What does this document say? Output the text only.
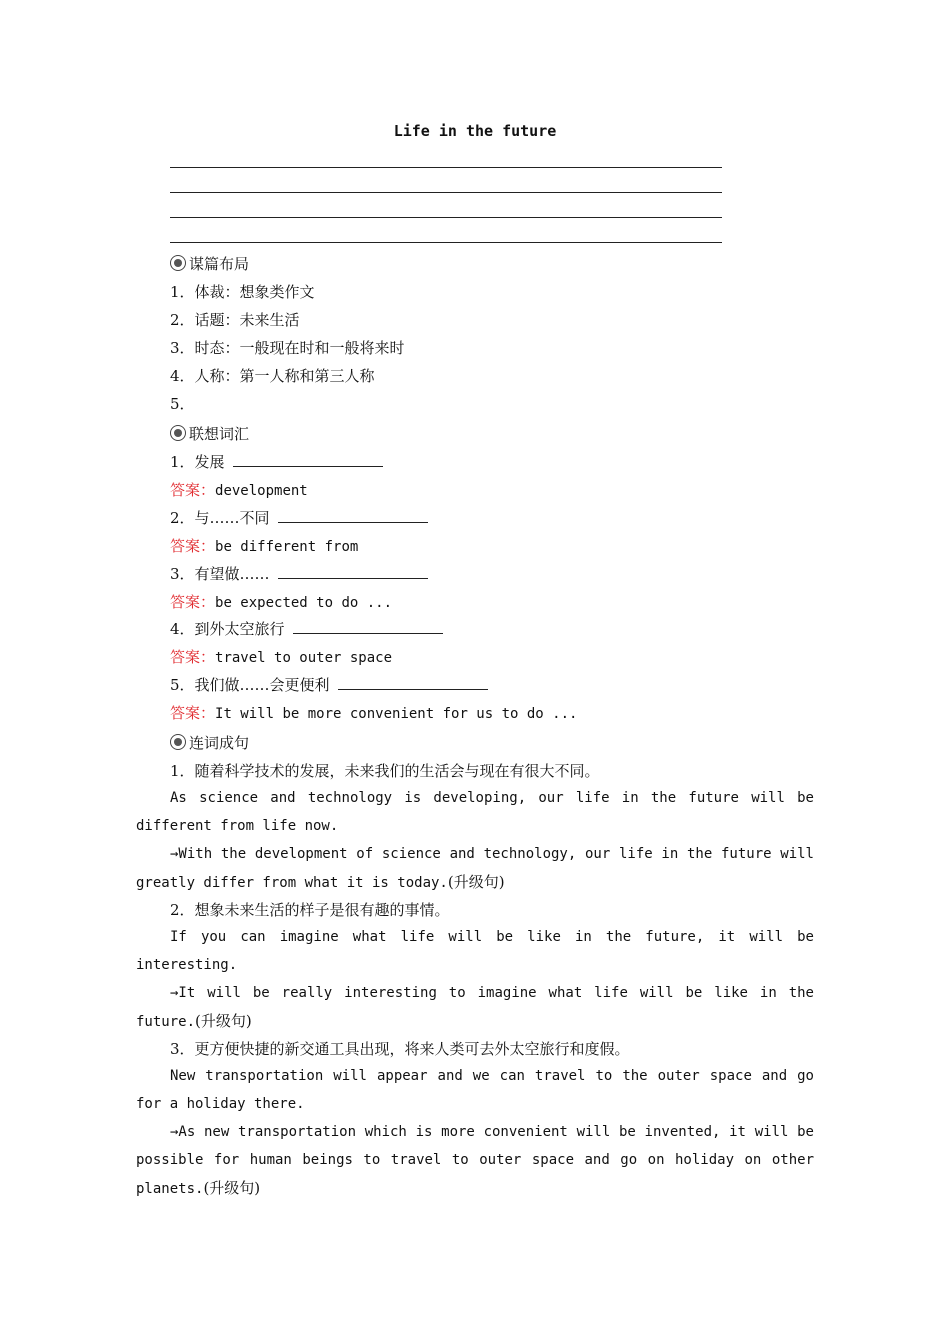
Life in the future
谋篇布局
1．体裁：想象类作文
2．话题：未来生活
3．时态：一般现在时和一般将来时
4．人称：第一人称和第三人称
5．
联想词汇
1．发展
答案：development
2．与……不同
答案：be different from
3．有望做……
答案：be expected to do ...
4．到外太空旅行
答案：travel to outer space
5．我们做……会更便利
答案：It will be more convenient for us to do ...
连词成句
1．随着科学技术的发展，未来我们的生活会与现在有很大不同。
As science and technology is developing, our life in the future will be different from life now.
→With the development of science and technology, our life in the future will greatly differ from what it is today.(升级句)
2．想象未来生活的样子是很有趣的事情。
If you can imagine what life will be like in the future, it will be interesting.
→It will be really interesting to imagine what life will be like in the future.(升级句)
3．更方便快捷的新交通工具出现，将来人类可去外太空旅行和度假。
New transportation will appear and we can travel to the outer space and go for a holiday there.
→As new transportation which is more convenient will be invented, it will be possible for human beings to travel to outer space and go on holiday on other planets.(升级句)
